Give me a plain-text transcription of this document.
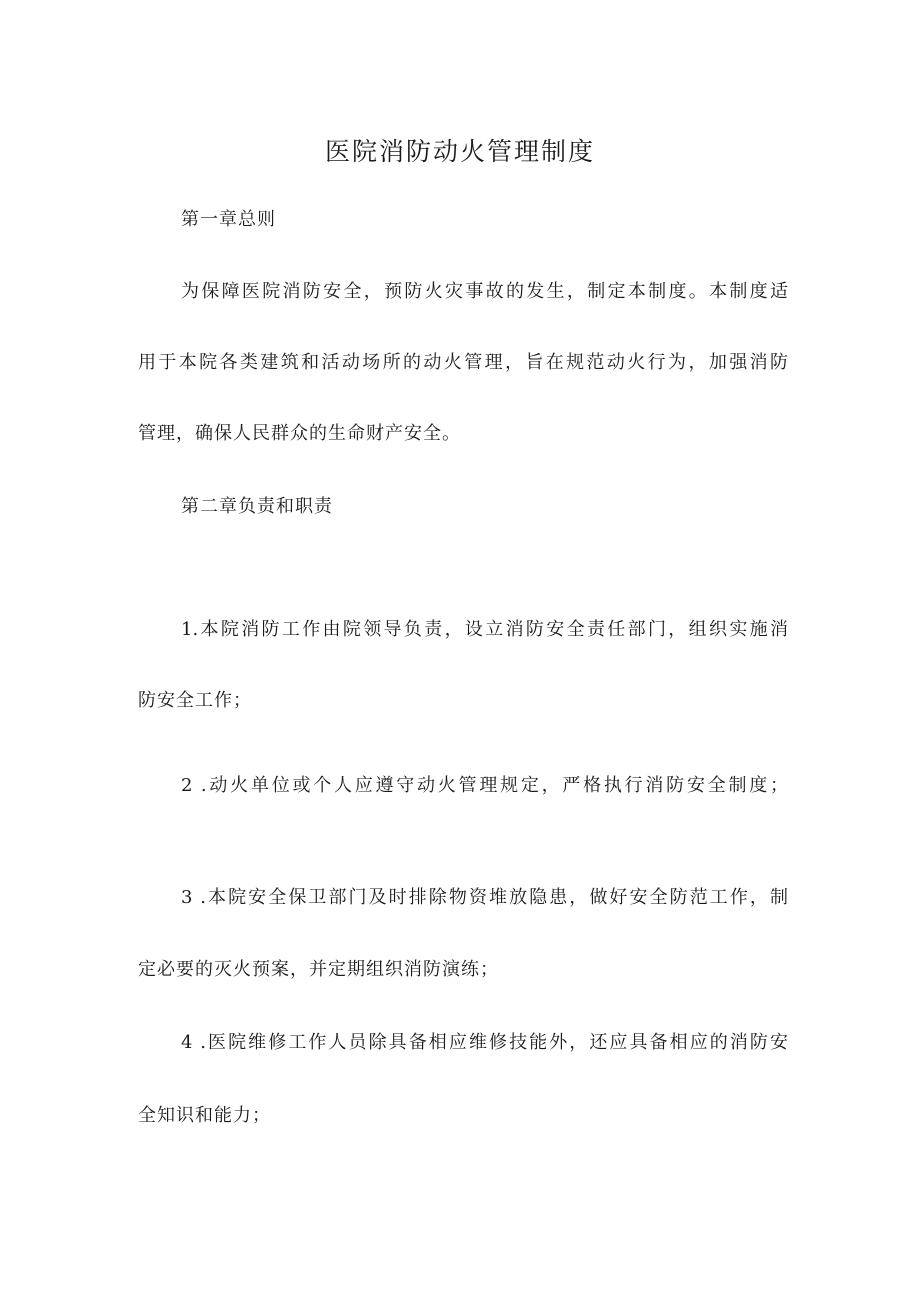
医院消防动火管理制度

第一章总则

为保障医院消防安全，预防火灾事故的发生，制定本制度。本制度适

用于本院各类建筑和活动场所的动火管理，旨在规范动火行为，加强消防

管理，确保人民群众的生命财产安全。

第二章负责和职责

1.本院消防工作由院领导负责，设立消防安全责任部门，组织实施消

防安全工作；

2 .动火单位或个人应遵守动火管理规定，严格执行消防安全制度；

3 .本院安全保卫部门及时排除物资堆放隐患，做好安全防范工作，制

定必要的灭火预案，并定期组织消防演练；

4 .医院维修工作人员除具备相应维修技能外，还应具备相应的消防安

全知识和能力；
